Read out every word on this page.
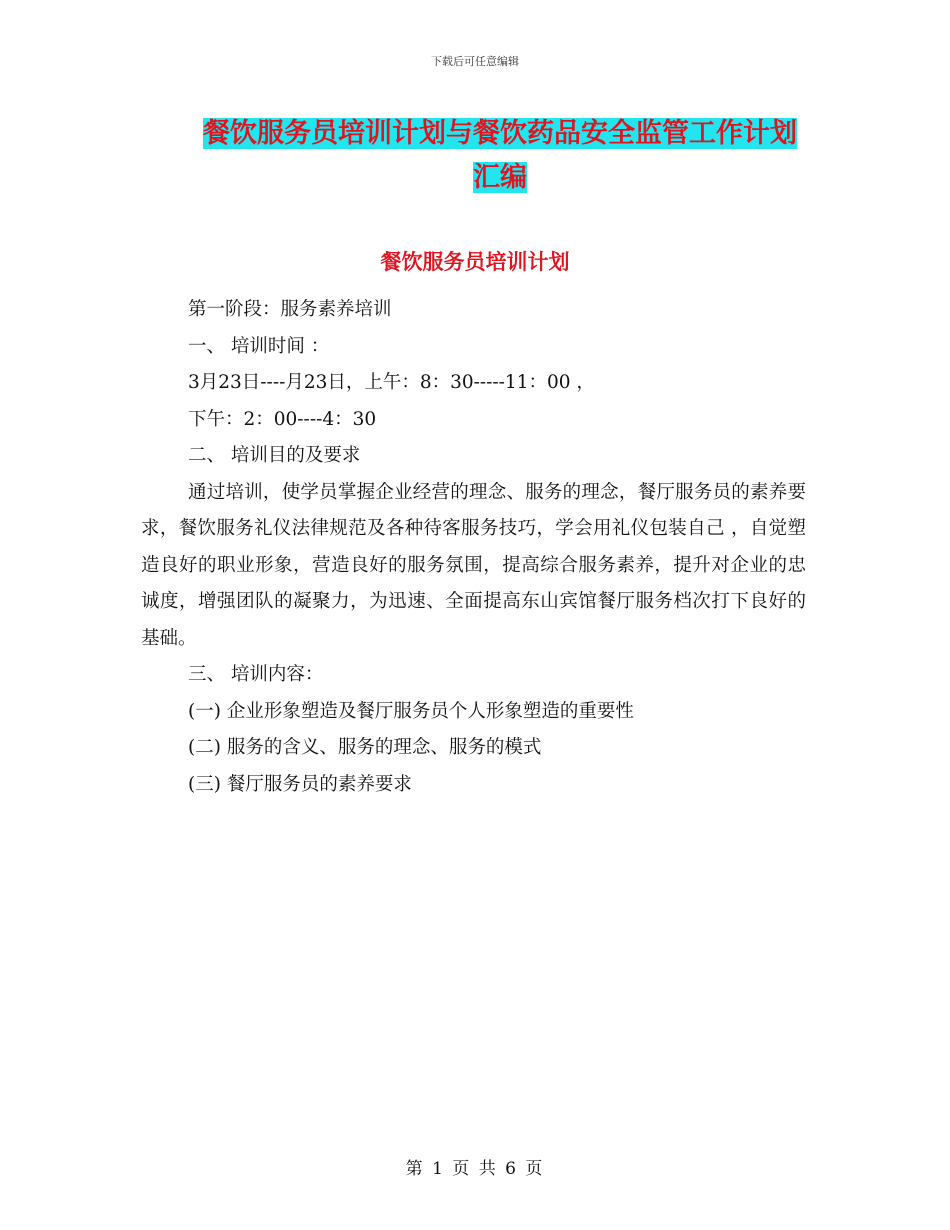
下载后可任意编辑
餐饮服务员培训计划与餐饮药品安全监管工作计划汇编
餐饮服务员培训计划

第一阶段：服务素养培训

一、 培训时间 ：

3月23日----月23日，上午：8：30-----11：00 ，

下午：2：00----4：30

二、 培训目的及要求

通过培训，使学员掌握企业经营的理念、服务的理念，餐厅服务员的素养要求，餐饮服务礼仪法律规范及各种待客服务技巧，学会用礼仪包装自己 ，自觉塑造良好的职业形象，营造良好的服务氛围，提高综合服务素养，提升对企业的忠诚度，增强团队的凝聚力，为迅速、全面提高东山宾馆餐厅服务档次打下良好的基础。

三、 培训内容：

(一) 企业形象塑造及餐厅服务员个人形象塑造的重要性

(二) 服务的含义、服务的理念、服务的模式

(三) 餐厅服务员的素养要求

第 1 页 共 6 页
